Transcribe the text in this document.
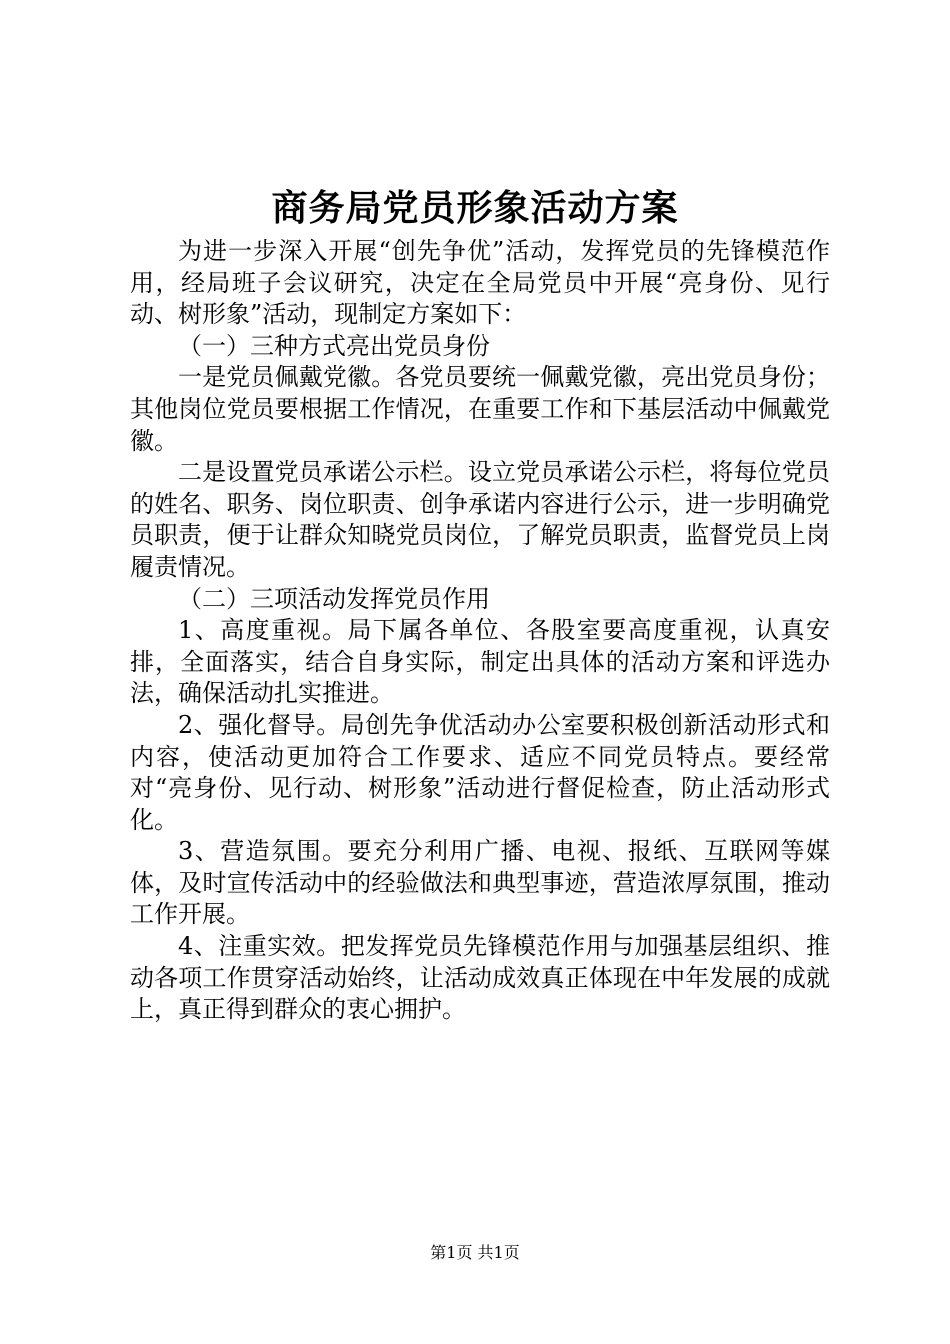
商务局党员形象活动方案

为进一步深入开展“创先争优”活动，发挥党员的先锋模范作用，经局班子会议研究，决定在全局党员中开展“亮身份、见行动、树形象”活动，现制定方案如下：

（一）三种方式亮出党员身份

一是党员佩戴党徽。各党员要统一佩戴党徽，亮出党员身份；其他岗位党员要根据工作情况，在重要工作和下基层活动中佩戴党徽。

二是设置党员承诺公示栏。设立党员承诺公示栏，将每位党员的姓名、职务、岗位职责、创争承诺内容进行公示，进一步明确党员职责，便于让群众知晓党员岗位，了解党员职责，监督党员上岗履责情况。

（二）三项活动发挥党员作用

1、高度重视。局下属各单位、各股室要高度重视，认真安排，全面落实，结合自身实际，制定出具体的活动方案和评选办法，确保活动扎实推进。

2、强化督导。局创先争优活动办公室要积极创新活动形式和内容，使活动更加符合工作要求、适应不同党员特点。要经常对“亮身份、见行动、树形象”活动进行督促检查，防止活动形式化。

3、营造氛围。要充分利用广播、电视、报纸、互联网等媒体，及时宣传活动中的经验做法和典型事迹，营造浓厚氛围，推动工作开展。

4、注重实效。把发挥党员先锋模范作用与加强基层组织、推动各项工作贯穿活动始终，让活动成效真正体现在中年发展的成就上，真正得到群众的衷心拥护。

第1页 共1页
